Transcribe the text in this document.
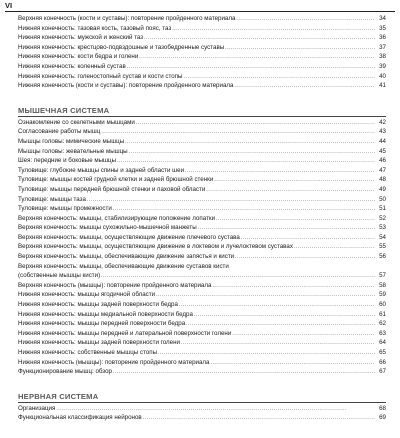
VI
Верхняя конечность (кости и суставы): повторение пройденного материала . . .	34
Нижняя конечность: тазовая кость, тазовый пояс, таз . . .	35
Нижняя конечность: мужской и женский таз . . .	36
Нижняя конечность: крестцово-подвздошные и тазобедренные суставы . . .	37
Нижняя конечность: кости бедра и голени . . .	38
Нижняя конечность: коленный сустав . . .	39
Нижняя конечность: голеностопный сустав и кости стопы . . .	40
Нижняя конечность (кости и суставы): повторение пройденного материала . . .	41
МЫШЕЧНАЯ СИСТЕМА
Ознакомление со скелетными мышцами . . .	42
Согласование работы мышц . . .	43
Мышцы головы: мимические мышцы . . .	44
Мышцы головы: жевательные мышцы . . .	45
Шея: передние и боковые мышцы . . .	46
Туловище: глубокие мышцы спины и задней области шеи . . .	47
Туловище: мышцы костей грудной клетки и задней брюшной стенки . . .	48
Туловище: мышцы передней брюшной стенки и паховой области . . .	49
Туловище: мышцы таза . . .	50
Туловище: мышцы промежности . . .	51
Верхняя конечность: мышцы, стабилизирующие положение лопатки . . .	52
Верхняя конечность: мышцы сухожильно-мышечной манжеты . . .	53
Верхняя конечность: мышцы, осуществляющие движение плечевого сустава . . .	54
Верхняя конечность: мышцы, осуществляющие движение в локтевом и лучелоктевом суставах . . .	55
Верхняя конечность: мышцы, обеспечивающие движение запястья и кисти . . .	56
Верхняя конечность: мышцы, обеспечивающие движение суставов кисти
(собственные мышцы кисти) . . .	57
Верхняя конечность (мышцы): повторение пройденного материала . . .	58
Нижняя конечность: мышцы ягодичной области . . .	59
Нижняя конечность: мышцы задней поверхности бедра . . .	60
Нижняя конечность: мышцы медиальной поверхности бедра . . .	61
Нижняя конечность: мышцы передней поверхности бедра . . .	62
Нижняя конечность: мышцы передней и латеральной поверхности голени . . .	63
Нижняя конечность: мышцы задней поверхности голени . . .	64
Нижняя конечность: собственные мышцы стопы . . .	65
Нижняя конечность (мышцы): повторение пройденного материала . . .	66
Функционирование мышц: обзор . . .	67
НЕРВНАЯ СИСТЕМА
Организация . . .	68
Функциональная классификация нейронов . . .	69
